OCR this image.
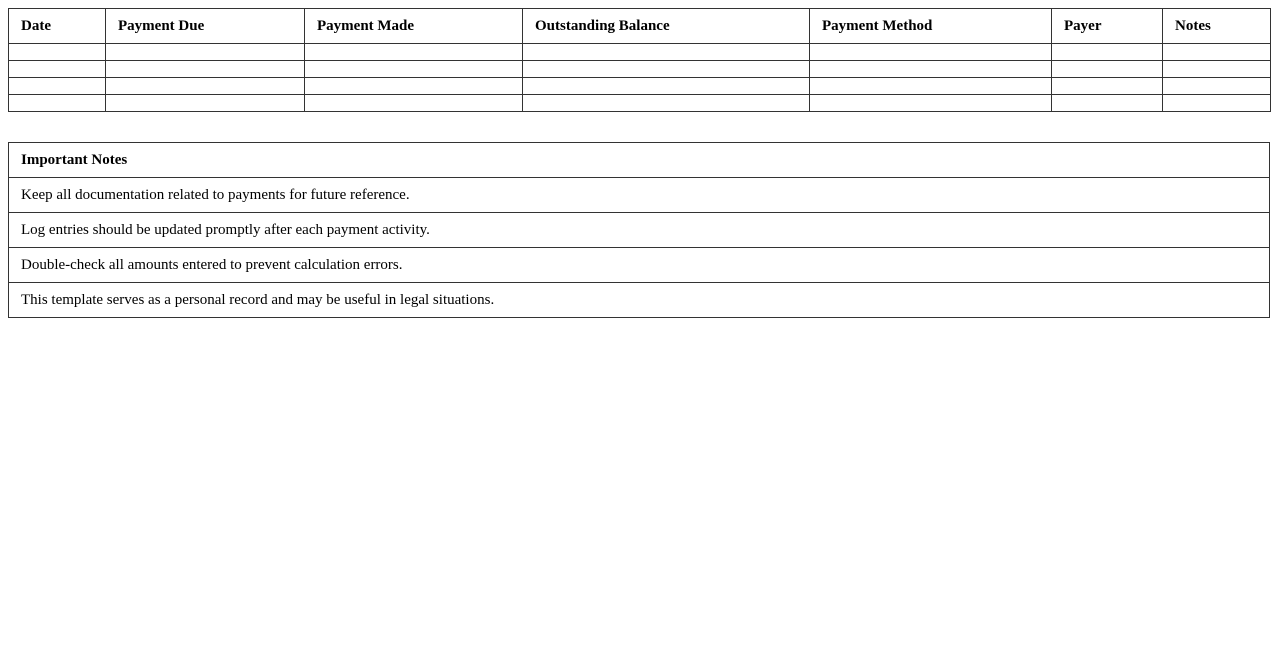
Date	Payment Due	Payment Made	Outstanding Balance	Payment Method	Payer	Notes

Important Notes
Keep all documentation related to payments for future reference.
Log entries should be updated promptly after each payment activity.
Double-check all amounts entered to prevent calculation errors.
This template serves as a personal record and may be useful in legal situations.
